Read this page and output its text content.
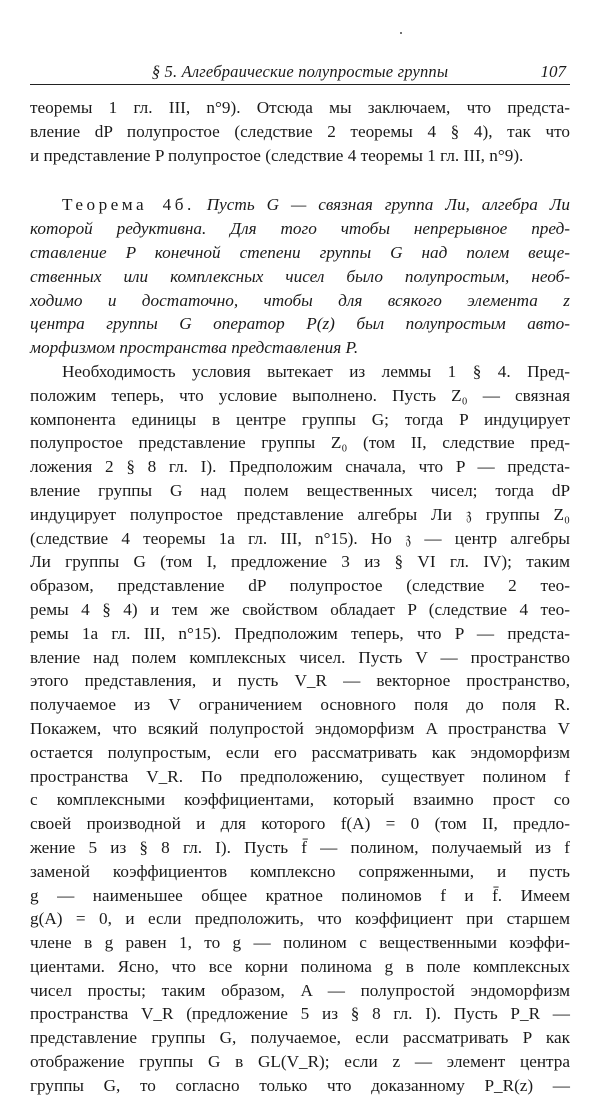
§ 5. Алгебраические полупростые группы	107
теоремы 1 гл. III, n°9). Отсюда мы заключаем, что предста-
вление dP полупростое (следствие 2 теоремы 4 § 4), так что
и представление P полупростое (следствие 4 теоремы 1 гл. III, n°9).
Теорема 4б. Пусть G — связная группа Ли, алгебра Ли
которой редуктивна. Для того чтобы непрерывное пред-
ставление P конечной степени группы G над полем веще-
ственных или комплексных чисел было полупростым, необ-
ходимо и достаточно, чтобы для всякого элемента z
центра группы G оператор P(z) был полупростым авто-
морфизмом пространства представления P.
Необходимость условия вытекает из леммы 1 § 4. Пред-
положим теперь, что условие выполнено. Пусть Z₀ — связная
компонента единицы в центре группы G; тогда P индуцирует
полупростое представление группы Z₀ (том II, следствие пред-
ложения 2 § 8 гл. I). Предположим сначала, что P — предста-
вление группы G над полем вещественных чисел; тогда dP
индуцирует полупростое представление алгебры Ли 𝔷 группы Z₀
(следствие 4 теоремы 1а гл. III, n°15). Но 𝔷 — центр алгебры
Ли группы G (том I, предложение 3 из § VI гл. IV); таким
образом, представление dP полупростое (следствие 2 тео-
ремы 4 § 4) и тем же свойством обладает P (следствие 4 тео-
ремы 1а гл. III, n°15). Предположим теперь, что P — предста-
вление над полем комплексных чисел. Пусть V — пространство
этого представления, и пусть V_R — векторное пространство,
получаемое из V ограничением основного поля до поля R.
Покажем, что всякий полупростой эндоморфизм A пространства V
остается полупростым, если его рассматривать как эндоморфизм
пространства V_R. По предположению, существует полином f
с комплексными коэффициентами, который взаимно прост со
своей производной и для которого f(A) = 0 (том II, предло-
жение 5 из § 8 гл. I). Пусть f̄ — полином, получаемый из f
заменой коэффициентов комплексно сопряженными, и пусть
g — наименьшее общее кратное полиномов f и f̄. Имеем
g(A) = 0, и если предположить, что коэффициент при старшем
члене в g равен 1, то g — полином с вещественными коэффи-
циентами. Ясно, что все корни полинома g в поле комплексных
чисел просты; таким образом, A — полупростой эндоморфизм
пространства V_R (предложение 5 из § 8 гл. I). Пусть P_R —
представление группы G, получаемое, если рассматривать P как
отображение группы G в GL(V_R); если z — элемент центра
группы G, то согласно только что доказанному P_R(z) —
